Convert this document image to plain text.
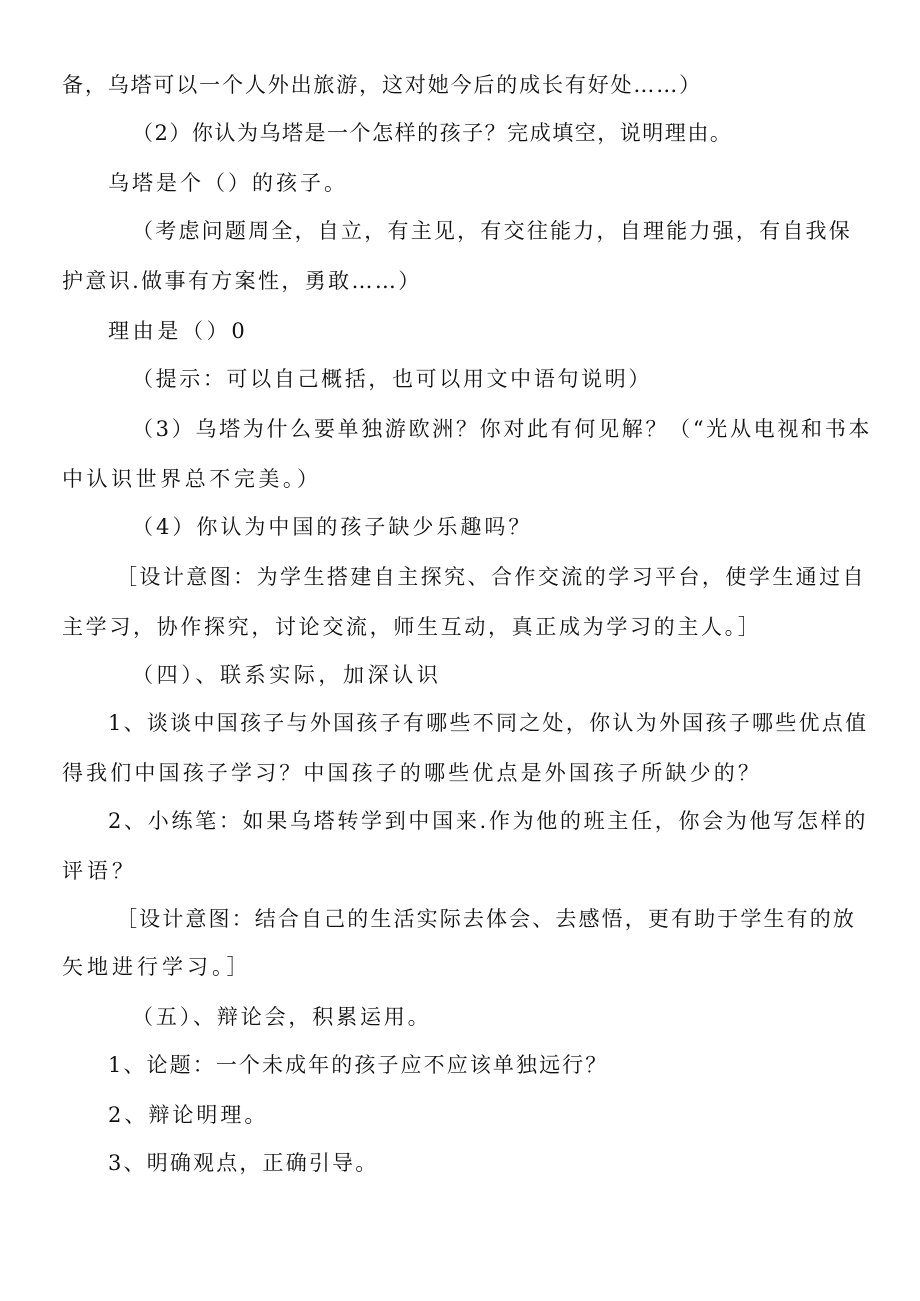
备，乌塔可以一个人外出旅游，这对她今后的成长有好处……）
（2）你认为乌塔是一个怎样的孩子？完成填空，说明理由。
乌塔是个（）的孩子。
（考虑问题周全，自立，有主见，有交往能力，自理能力强，有自我保
护意识.做事有方案性，勇敢……）
理由是（）0
（提示：可以自己概括，也可以用文中语句说明）
（3）乌塔为什么要单独游欧洲？你对此有何见解？（“光从电视和书本
中认识世界总不完美。）
（4）你认为中国的孩子缺少乐趣吗？
［设计意图：为学生搭建自主探究、合作交流的学习平台，使学生通过自
主学习，协作探究，讨论交流，师生互动，真正成为学习的主人。］
（四）、联系实际，加深认识
1、谈谈中国孩子与外国孩子有哪些不同之处，你认为外国孩子哪些优点值
得我们中国孩子学习？中国孩子的哪些优点是外国孩子所缺少的？
2、小练笔：如果乌塔转学到中国来.作为他的班主任，你会为他写怎样的
评语？
［设计意图：结合自己的生活实际去体会、去感悟，更有助于学生有的放
矢地进行学习。］
（五）、辩论会，积累运用。
1、论题：一个未成年的孩子应不应该单独远行？
2、辩论明理。
3、明确观点，正确引导。
